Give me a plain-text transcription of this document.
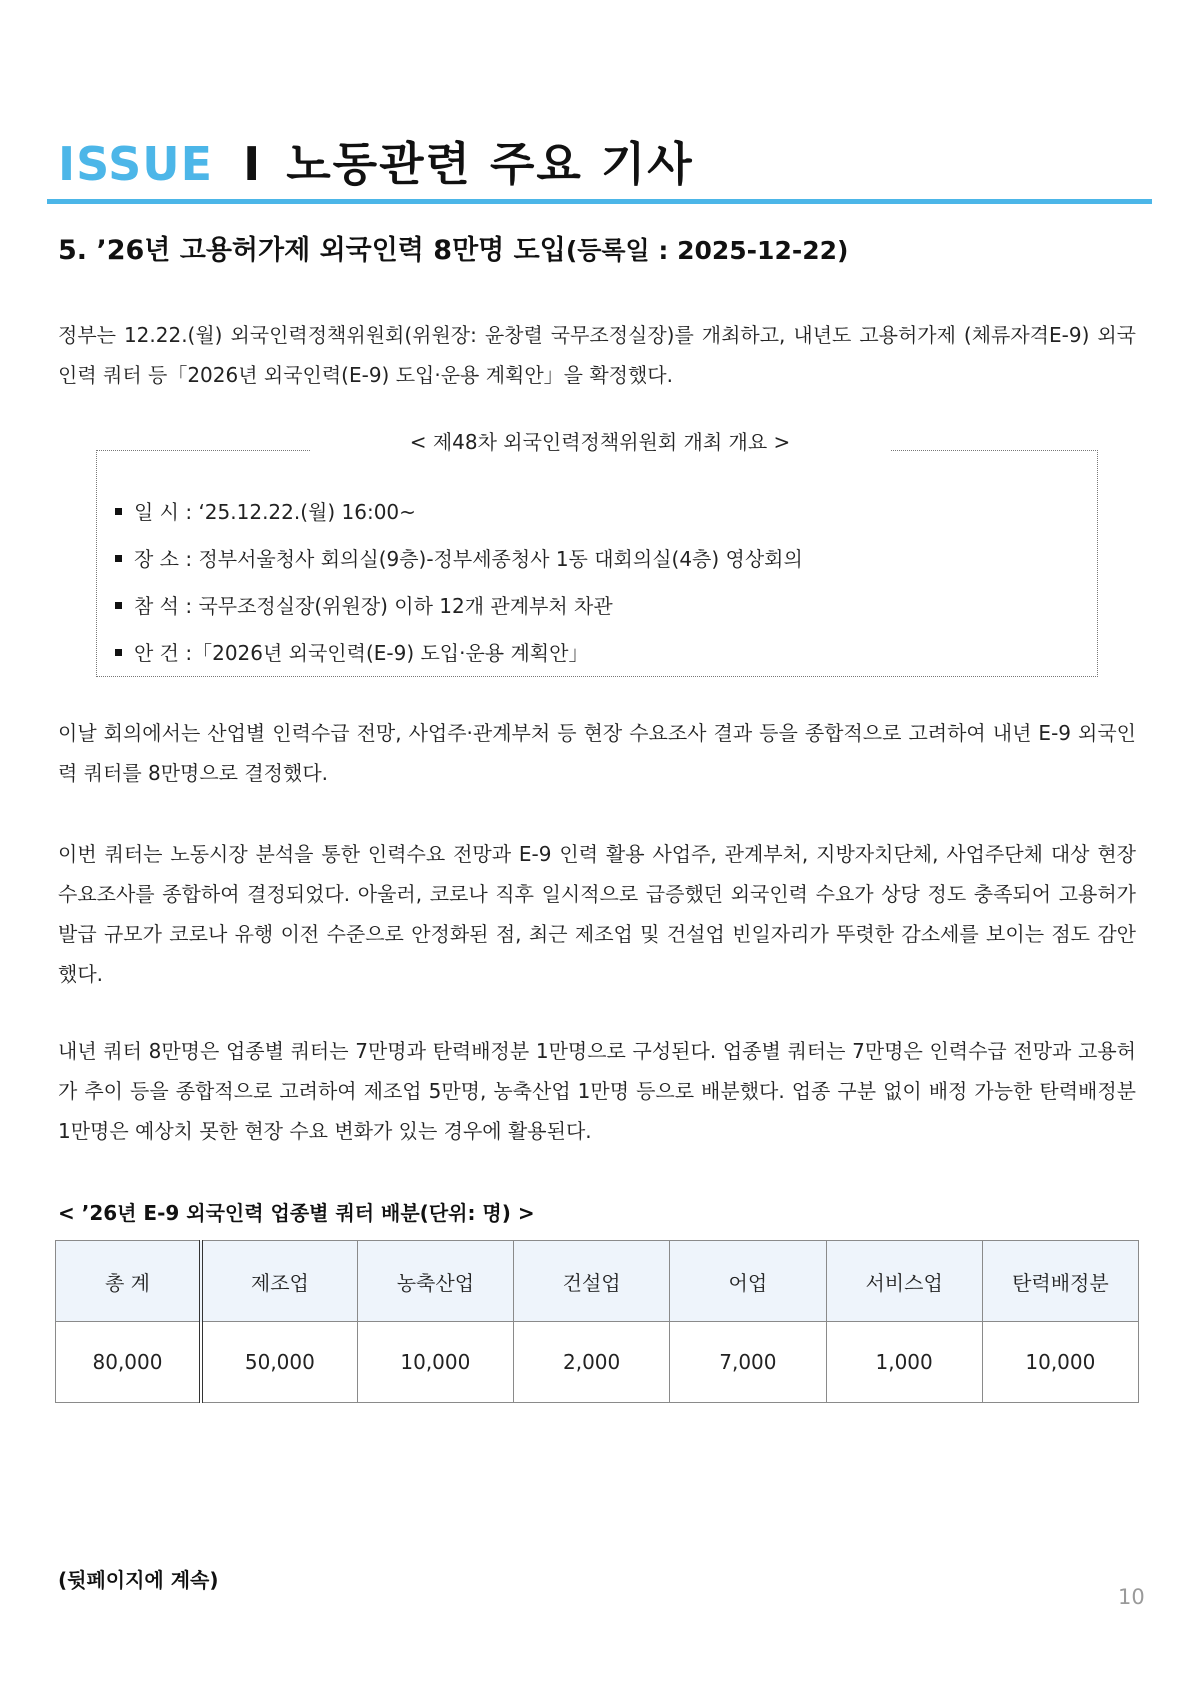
ISSUE I 노동관련 주요 기사
5. ’26년 고용허가제 외국인력 8만명 도입(등록일 : 2025-12-22)
정부는 12.22.(월) 외국인력정책위원회(위원장: 윤창렬 국무조정실장)를 개최하고, 내년도 고용허가제 (체류자격E-9) 외국인력 쿼터 등「2026년 외국인력(E-9) 도입·운용 계획안」을 확정했다.
일 시 : ‘25.12.22.(월) 16:00~
장 소 : 정부서울청사 회의실(9층)-정부세종청사 1동 대회의실(4층) 영상회의
참 석 : 국무조정실장(위원장) 이하 12개 관계부처 차관
안 건 :「2026년 외국인력(E-9) 도입·운용 계획안」
< 제48차 외국인력정책위원회 개최 개요 >
이날 회의에서는 산업별 인력수급 전망, 사업주·관계부처 등 현장 수요조사 결과 등을 종합적으로 고려하여 내년 E-9 외국인력 쿼터를 8만명으로 결정했다.
이번 쿼터는 노동시장 분석을 통한 인력수요 전망과 E-9 인력 활용 사업주, 관계부처, 지방자치단체, 사업주단체 대상 현장 수요조사를 종합하여 결정되었다. 아울러, 코로나 직후 일시적으로 급증했던 외국인력 수요가 상당 정도 충족되어 고용허가 발급 규모가 코로나 유행 이전 수준으로 안정화된 점, 최근 제조업 및 건설업 빈일자리가 뚜렷한 감소세를 보이는 점도 감안했다.
내년 쿼터 8만명은 업종별 쿼터는 7만명과 탄력배정분 1만명으로 구성된다. 업종별 쿼터는 7만명은 인력수급 전망과 고용허가 추이 등을 종합적으로 고려하여 제조업 5만명, 농축산업 1만명 등으로 배분했다. 업종 구분 없이 배정 가능한 탄력배정분 1만명은 예상치 못한 현장 수요 변화가 있는 경우에 활용된다.
< ’26년 E-9 외국인력 업종별 쿼터 배분(단위: 명) >
총 계	제조업	농축산업	건설업	어업	서비스업	탄력배정분
80,000	50,000	10,000	2,000	7,000	1,000	10,000
(뒷페이지에 계속)
10
